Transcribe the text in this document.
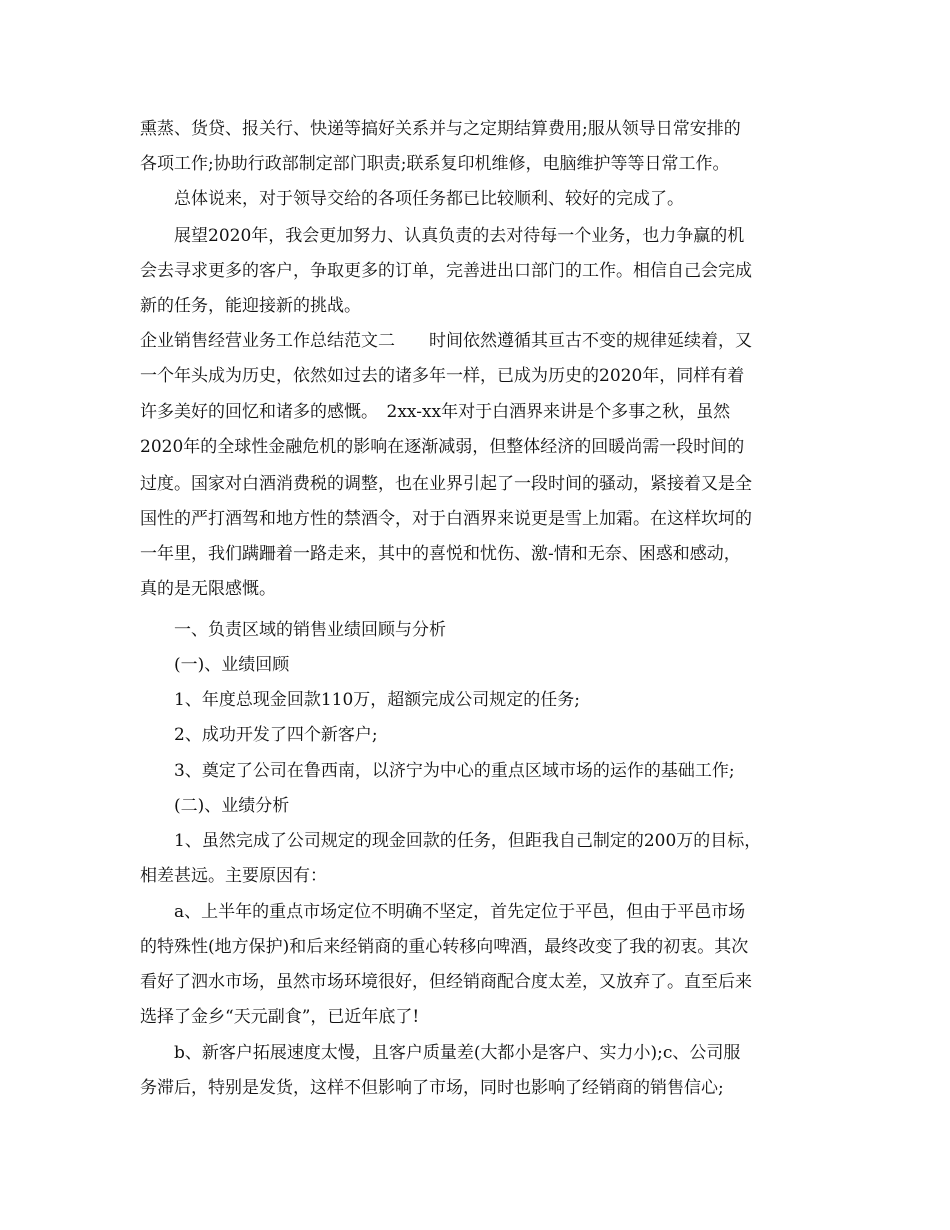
熏蒸、货贷、报关行、快递等搞好关系并与之定期结算费用;服从领导日常安排的
各项工作;协助行政部制定部门职责;联系复印机维修，电脑维护等等日常工作。
总体说来，对于领导交给的各项任务都已比较顺利、较好的完成了。
展望2020年，我会更加努力、认真负责的去对待每一个业务，也力争赢的机
会去寻求更多的客户，争取更多的订单，完善进出口部门的工作。相信自己会完成
新的任务，能迎接新的挑战。
企业销售经营业务工作总结范文二　　时间依然遵循其亘古不变的规律延续着，又
一个年头成为历史，依然如过去的诸多年一样，已成为历史的2020年，同样有着
许多美好的回忆和诸多的感慨。　2xx-xx年对于白酒界来讲是个多事之秋，虽然
2020年的全球性金融危机的影响在逐渐减弱，但整体经济的回暖尚需一段时间的
过度。国家对白酒消费税的调整，也在业界引起了一段时间的骚动，紧接着又是全
国性的严打酒驾和地方性的禁酒令，对于白酒界来说更是雪上加霜。在这样坎坷的
一年里，我们蹒跚着一路走来，其中的喜悦和忧伤、激-情和无奈、困惑和感动，
真的是无限感慨。
一、负责区域的销售业绩回顾与分析
(一)、业绩回顾
1、年度总现金回款110万，超额完成公司规定的任务;
2、成功开发了四个新客户;
3、奠定了公司在鲁西南，以济宁为中心的重点区域市场的运作的基础工作;
(二)、业绩分析
1、虽然完成了公司规定的现金回款的任务，但距我自己制定的200万的目标，
相差甚远。主要原因有：
a、上半年的重点市场定位不明确不坚定，首先定位于平邑，但由于平邑市场
的特殊性(地方保护)和后来经销商的重心转移向啤酒，最终改变了我的初衷。其次
看好了泗水市场，虽然市场环境很好，但经销商配合度太差，又放弃了。直至后来
选择了金乡“天元副食”，已近年底了!
b、新客户拓展速度太慢，且客户质量差(大都小是客户、实力小);c、公司服
务滞后，特别是发货，这样不但影响了市场，同时也影响了经销商的销售信心;
